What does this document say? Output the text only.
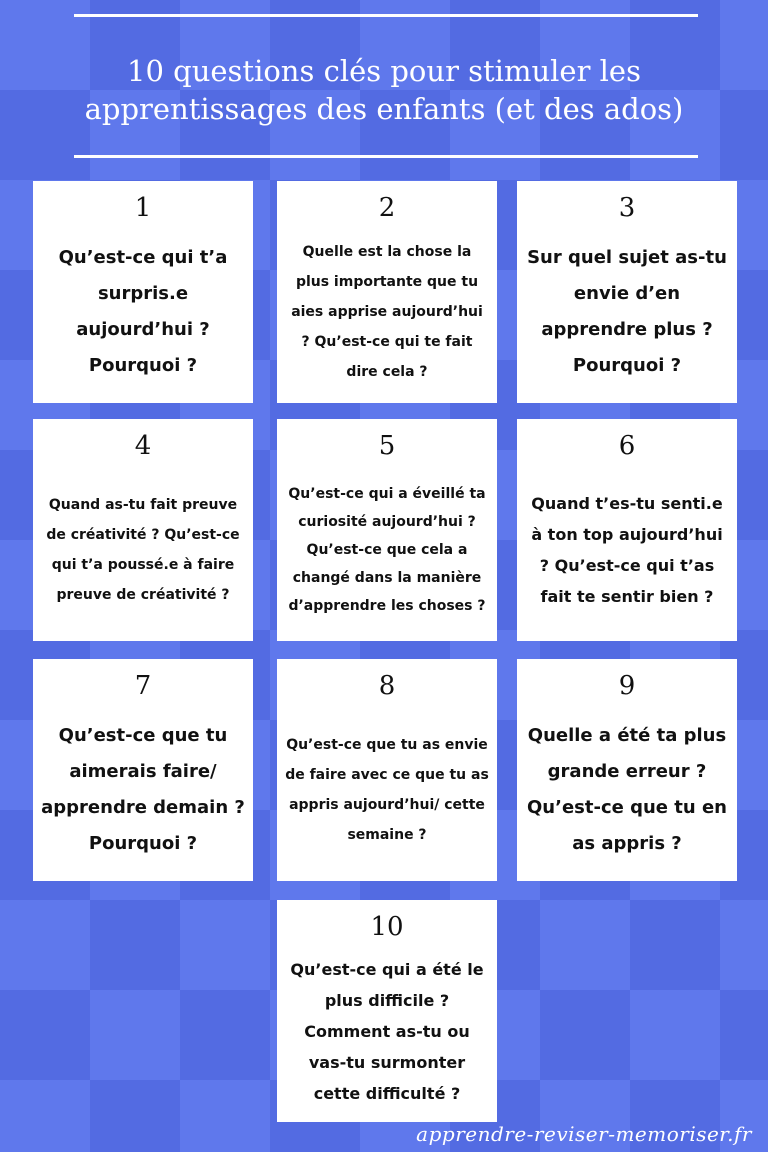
10 questions clés pour stimuler les
apprentissages des enfants (et des ados)
1
Qu’est-ce qui t’a surpris.e aujourd’hui ? Pourquoi ?
2
Quelle est la chose la plus importante que tu aies apprise aujourd’hui ? Qu’est-ce qui te fait dire cela ?
3
Sur quel sujet as-tu envie d’en apprendre plus ? Pourquoi ?
4
Quand as-tu fait preuve de créativité ? Qu’est-ce qui t’a poussé.e à faire preuve de créativité ?
5
Qu’est-ce qui a éveillé ta curiosité aujourd’hui ? Qu’est-ce que cela a changé dans la manière d’apprendre les choses ?
6
Quand t’es-tu senti.e à ton top aujourd’hui ? Qu’est-ce qui t’as fait te sentir bien ?
7
Qu’est-ce que tu aimerais faire/ apprendre demain ? Pourquoi ?
8
Qu’est-ce que tu as envie de faire avec ce que tu as appris aujourd’hui/ cette semaine ?
9
Quelle a été ta plus grande erreur ? Qu’est-ce que tu en as appris ?
10
Qu’est-ce qui a été le plus difficile ? Comment as-tu ou vas-tu surmonter cette difficulté ?
apprendre-reviser-memoriser.fr
